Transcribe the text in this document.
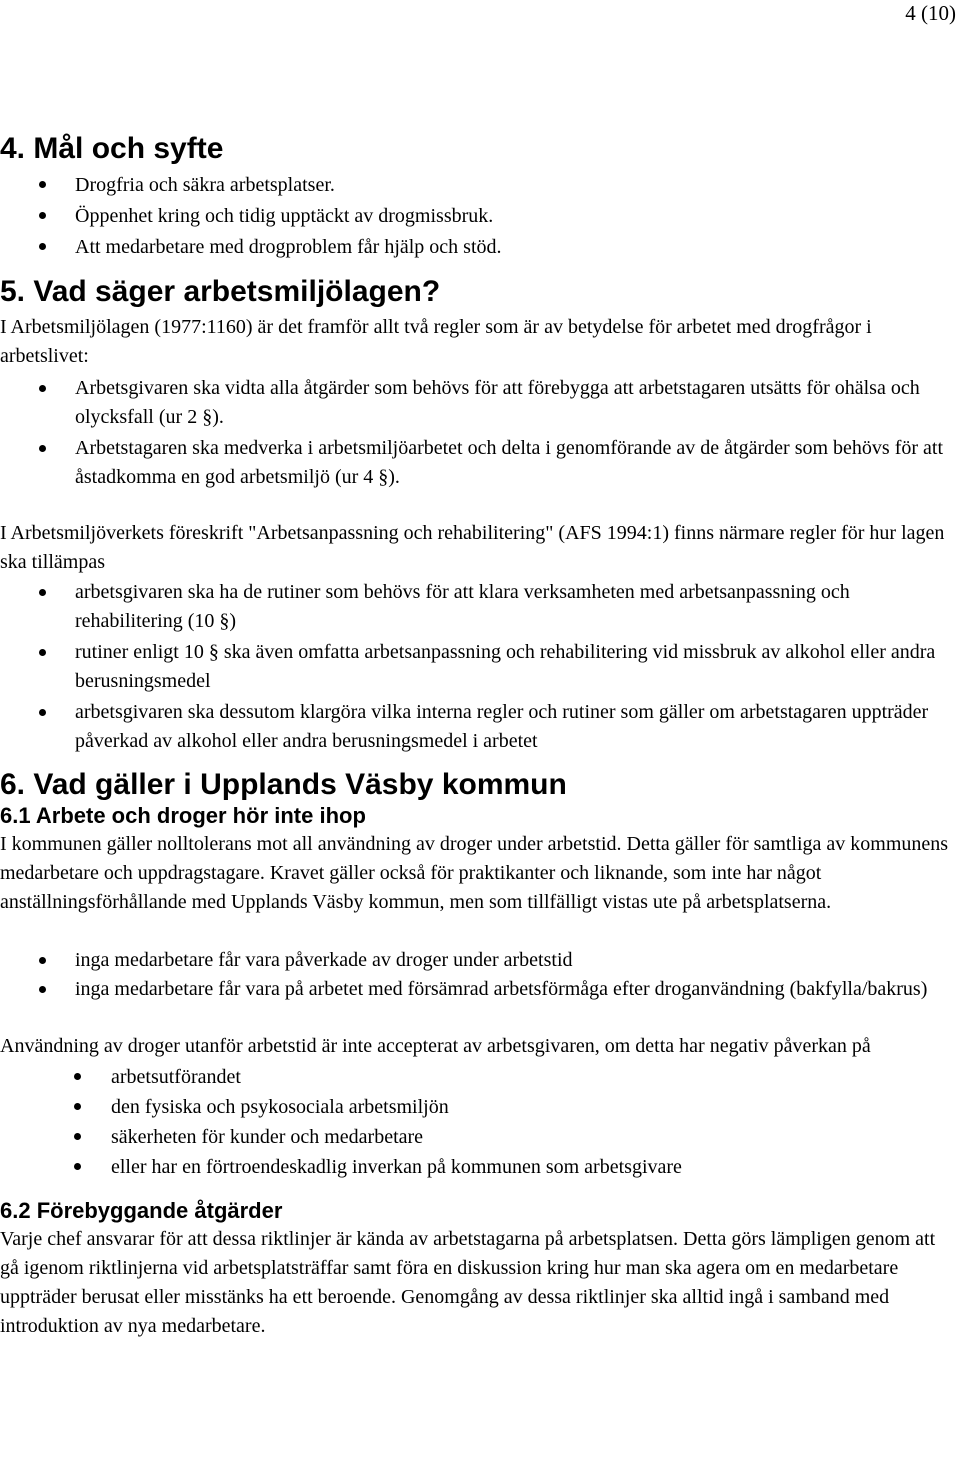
4 (10)
4. Mål och syfte
Drogfria och säkra arbetsplatser.
Öppenhet kring och tidig upptäckt av drogmissbruk.
Att medarbetare med drogproblem får hjälp och stöd.
5. Vad säger arbetsmiljölagen?

I Arbetsmiljölagen (1977:1160) är det framför allt två regler som är av betydelse för arbetet med drogfrågor i arbetslivet:

Arbetsgivaren ska vidta alla åtgärder som behövs för att förebygga att arbetstagaren utsätts för ohälsa och olycksfall (ur 2 §).
Arbetstagaren ska medverka i arbetsmiljöarbetet och delta i genomförande av de åtgärder som behövs för att åstadkomma en god arbetsmiljö (ur 4 §).

I Arbetsmiljöverkets föreskrift "Arbetsanpassning och rehabilitering" (AFS 1994:1) finns närmare regler för hur lagen ska tillämpas

arbetsgivaren ska ha de rutiner som behövs för att klara verksamheten med arbetsanpassning och rehabilitering (10 §)
rutiner enligt 10 § ska även omfatta arbetsanpassning och rehabilitering vid missbruk av alkohol eller andra berusningsmedel
arbetsgivaren ska dessutom klargöra vilka interna regler och rutiner som gäller om arbetstagaren uppträder påverkad av alkohol eller andra berusningsmedel i arbetet
6. Vad gäller i Upplands Väsby kommun
6.1 Arbete och droger hör inte ihop

I kommunen gäller nolltolerans mot all användning av droger under arbetstid. Detta gäller för samtliga av kommunens medarbetare och uppdragstagare. Kravet gäller också för praktikanter och liknande, som inte har något anställningsförhållande med Upplands Väsby kommun, men som tillfälligt vistas ute på arbetsplatserna.

inga medarbetare får vara påverkade av droger under arbetstid
inga medarbetare får vara på arbetet med försämrad arbetsförmåga efter droganvändning (bakfylla/bakrus)

Användning av droger utanför arbetstid är inte accepterat av arbetsgivaren, om detta har negativ påverkan på

arbetsutförandet
den fysiska och psykosociala arbetsmiljön
säkerheten för kunder och medarbetare
eller har en förtroendeskadlig inverkan på kommunen som arbetsgivare
6.2 Förebyggande åtgärder

Varje chef ansvarar för att dessa riktlinjer är kända av arbetstagarna på arbetsplatsen. Detta görs lämpligen genom att gå igenom riktlinjerna vid arbetsplatsträffar samt föra en diskussion kring hur man ska agera om en medarbetare uppträder berusat eller misstänks ha ett beroende. Genomgång av dessa riktlinjer ska alltid ingå i samband med introduktion av nya medarbetare.
